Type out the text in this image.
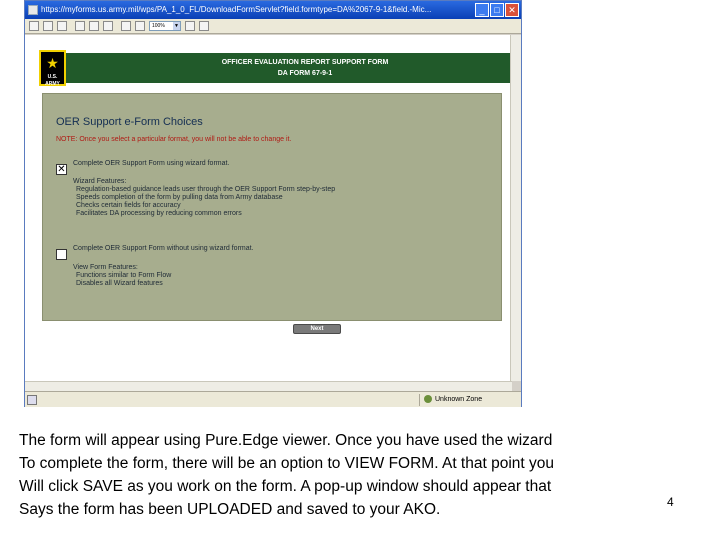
https://myforms.us.army.mil/wps/PA_1_0_FL/DownloadFormServlet?field.formtype=DA%2067-9-1&field.-Mic...	_	□ ✕
100% ▼
OFFICER EVALUATION REPORT SUPPORT FORM
DA FORM 67-9-1
★
U.S. ARMY
OER Support e-Form Choices
NOTE: Once you select a particular format, you will not be able to change it.
✕
Complete OER Support Form using wizard format.
Wizard Features:
Regulation-based guidance leads user through the OER Support Form step-by-step
Speeds completion of the form by pulling data from Army database
Checks certain fields for accuracy
Facilitates DA processing by reducing common errors
Complete OER Support Form without using wizard format.
View Form Features:
Functions similar to Form Flow
Disables all Wizard features
Next
Unknown Zone
The form will appear using Pure.Edge viewer. Once you have used the wizard
To complete the form, there will be an option to VIEW FORM. At that point you
Will click SAVE as you work on the form. A pop-up window should appear that
Says the form has been UPLOADED and saved to your AKO.	4
